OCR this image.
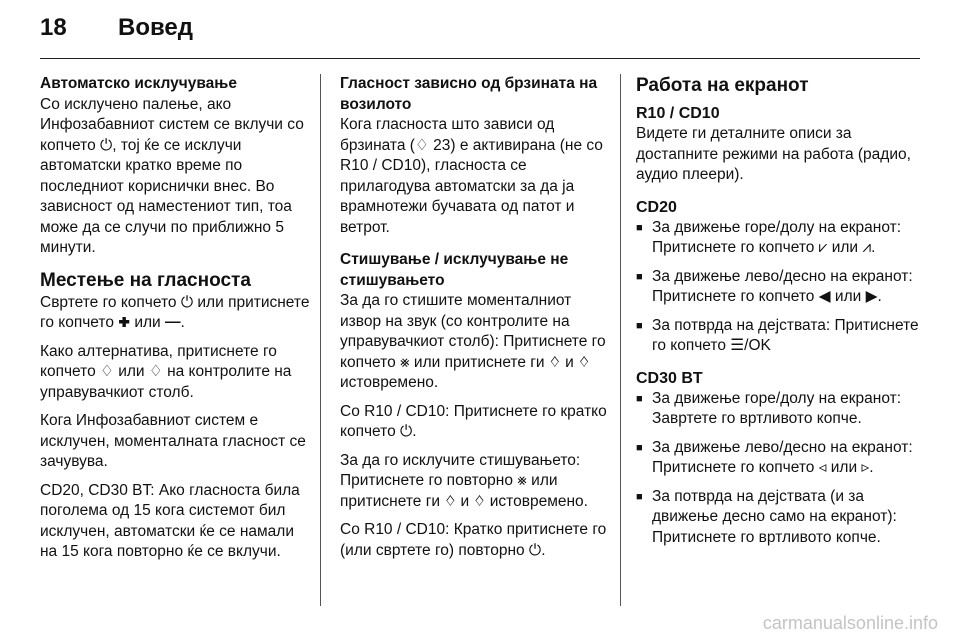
18 Вовед

Автоматско исклучување

Со исклучено палење, ако Инфозабавниот систем се вклучи со копчето ⏻, тој ќе се исклучи автоматски кратко време по последниот кориснички внес. Во зависност од наместениот тип, тоа може да се случи по приближно 5 минути.

Местење на гласноста

Свртете го копчето ⏻ или притиснете го копчето ✚ или ━.

Како алтернатива, притиснете го копчето ♢ или ♢ на контролите на управувачкиот столб.

Кога Инфозабавниот систем е исклучен, моменталната гласност се зачувува.

CD20, CD30 BT: Ако гласноста била поголема од 15 кога системот бил исклучен, автоматски ќе се намали на 15 кога повторно ќе се вклучи.

Гласност зависно од брзината на возилото

Кога гласноста што зависи од брзината (♢ 23) е активирана (не со R10 / CD10), гласноста се прилагодува автоматски за да ја врамнотежи бучавата од патот и ветрот.

Стишување / исклучување не стишувањето

За да го стишите моменталниот извор на звук (со контролите на управувачкиот столб): Притиснете го копчето ⨳ или притиснете ги ♢ и ♢ истовремено.

Со R10 / CD10: Притиснете го кратко копчето ⏻.

За да го исклучите стишувањето: Притиснете го повторно ⨳ или притиснете ги ♢ и ♢ истовремено.

Со R10 / CD10: Кратко притиснете го (или свртете го) повторно ⏻.

Работа на екранот

R10 / CD10

Видете ги деталните описи за достапните режими на работа (радио, аудио плеери).

CD20

■ За движење горе/долу на екранот: Притиснете го копчето ⩗ или ⩘.
■ За движење лево/десно на екранот: Притиснете го копчето ◀ или ▶.
■ За потврда на дејствата: Притиснете го копчето ☰/OK

CD30 BT

■ За движење горе/долу на екранот: Завртете го вртливото копче.
■ За движење лево/десно на екранот: Притиснете го копчето ◃ или ▹.
■ За потврда на дејствата (и за движење десно само на екранот): Притиснете го вртливото копче.
carmanualsonline.info
